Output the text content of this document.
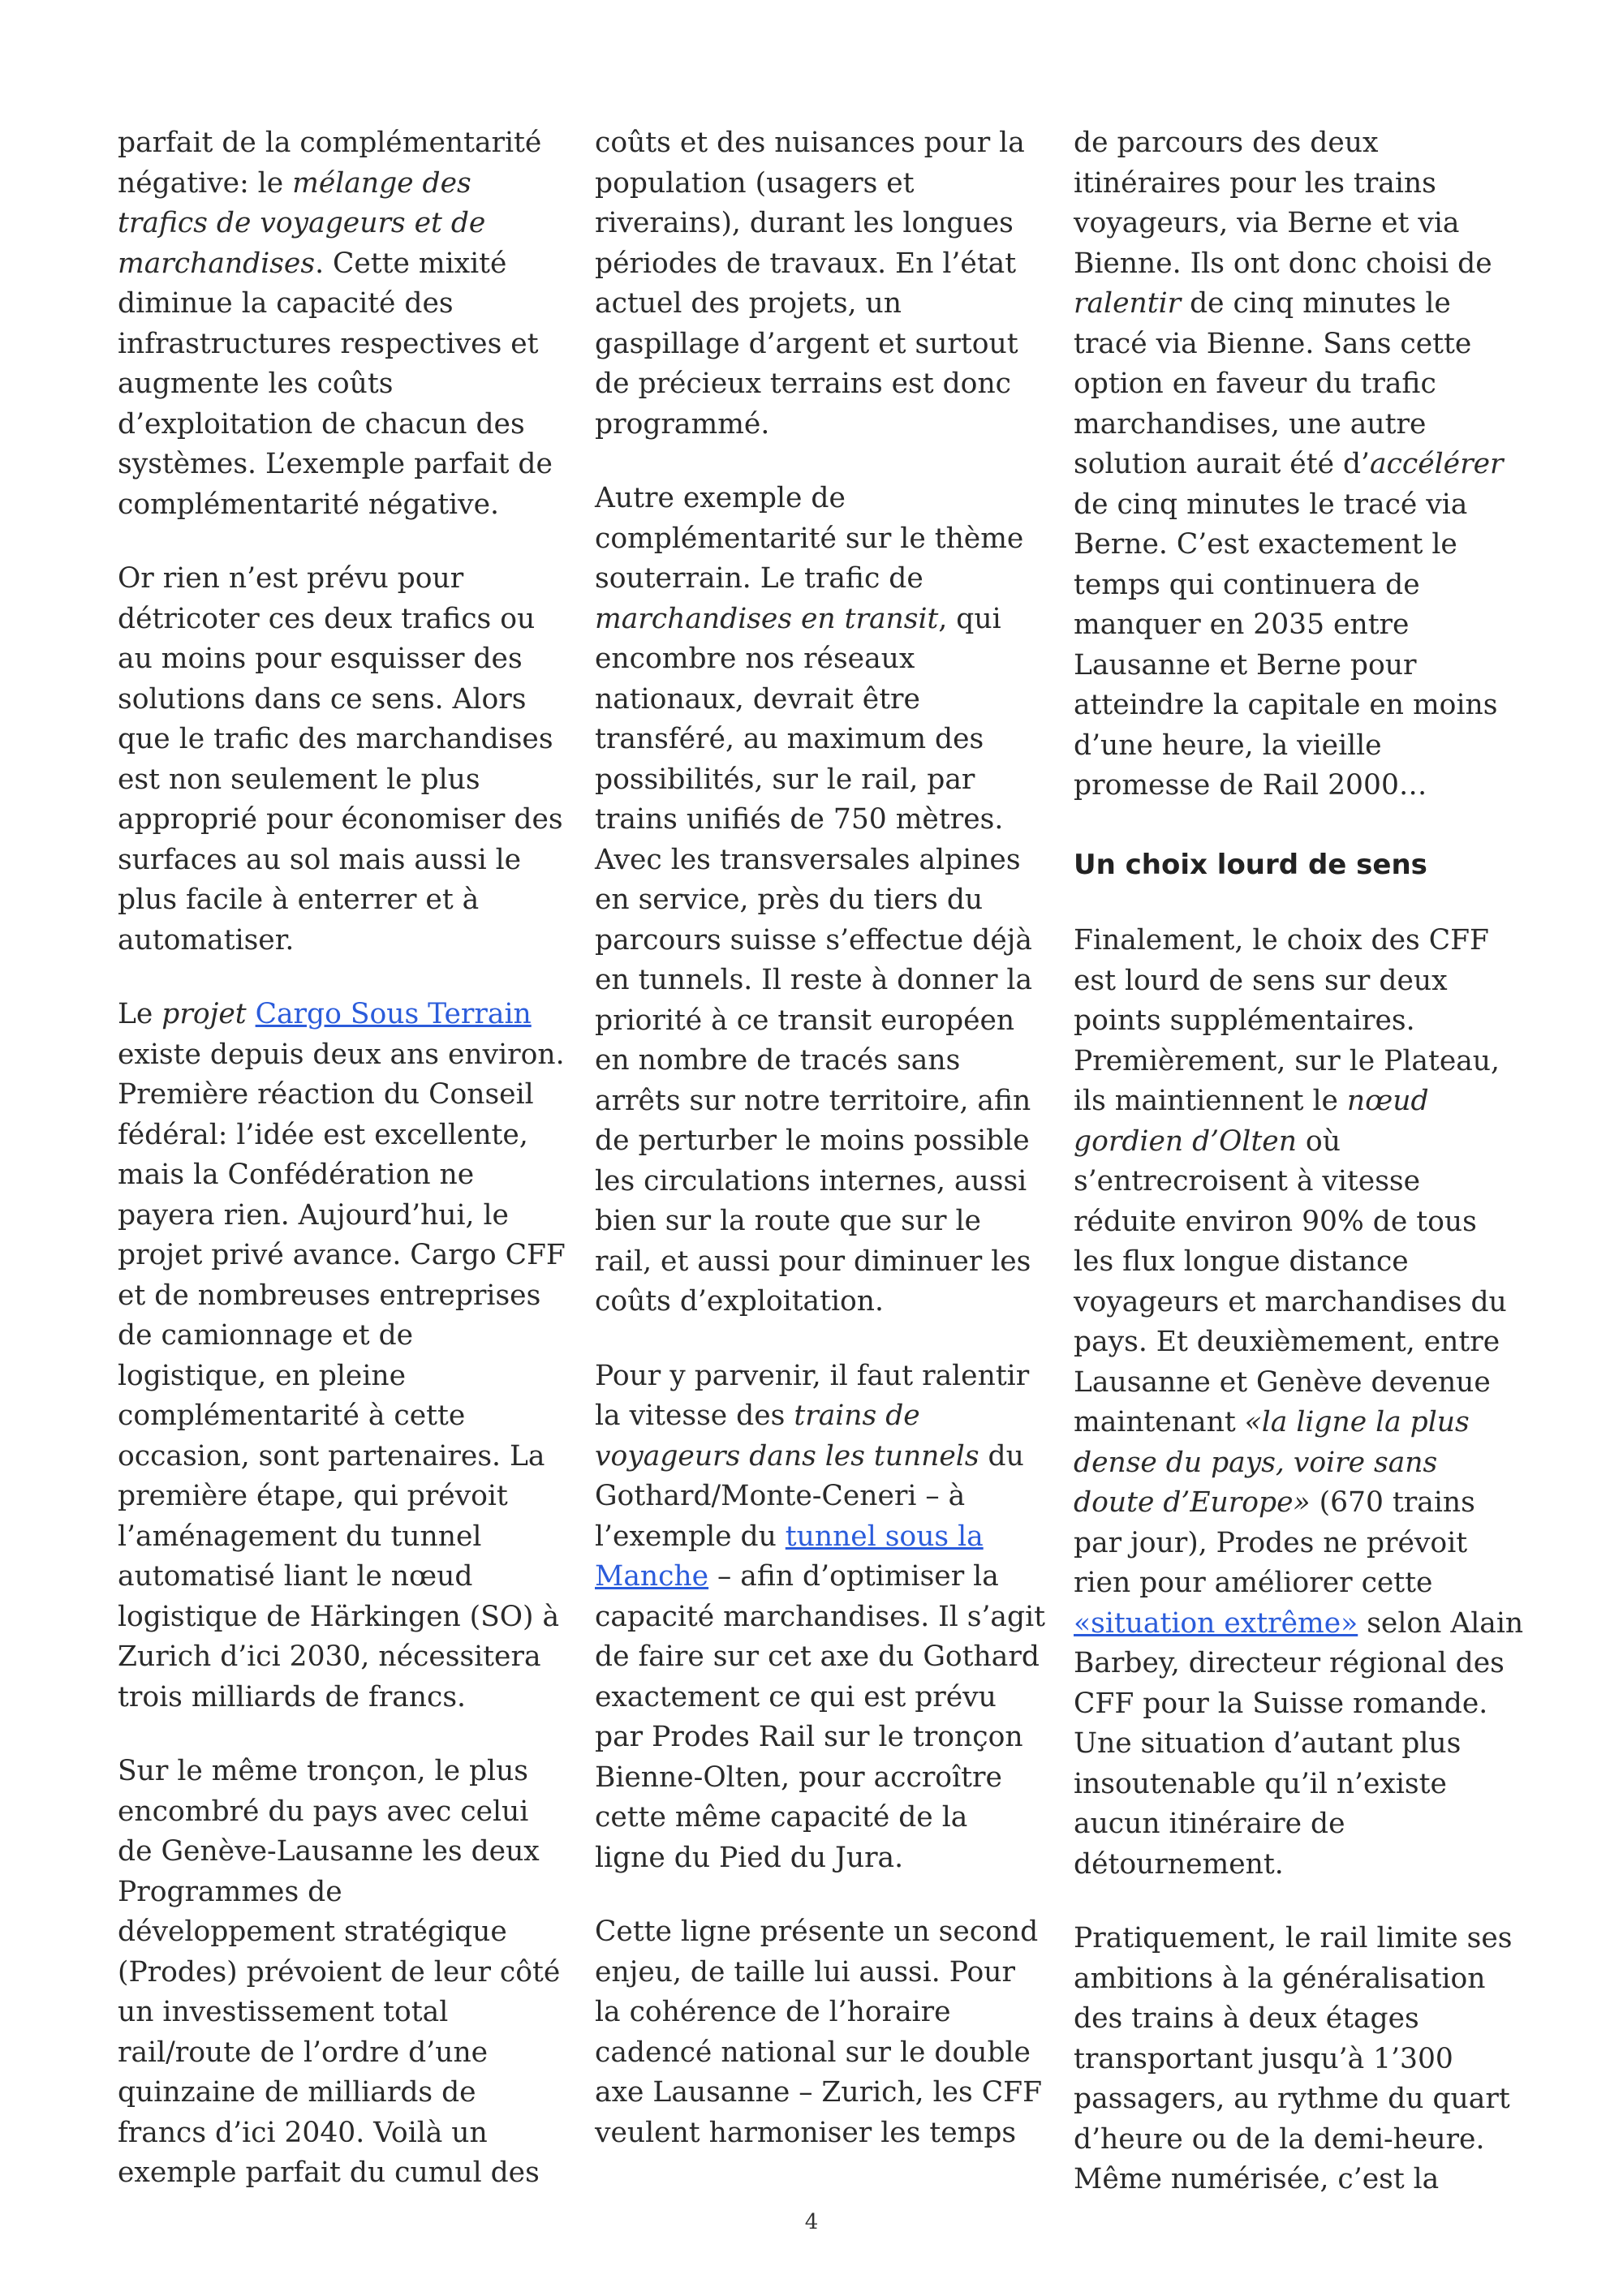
parfait de la complémentarité négative: le mélange des trafics de voyageurs et de marchandises. Cette mixité diminue la capacité des infrastructures respectives et augmente les coûts d’exploitation de chacun des systèmes. L’exemple parfait de complémentarité négative.

Or rien n’est prévu pour détricoter ces deux trafics ou au moins pour esquisser des solutions dans ce sens. Alors que le trafic des marchandises est non seulement le plus approprié pour économiser des surfaces au sol mais aussi le plus facile à enterrer et à automatiser.

Le projet Cargo Sous Terrain existe depuis deux ans environ. Première réaction du Conseil fédéral: l’idée est excellente, mais la Confédération ne payera rien. Aujourd’hui, le projet privé avance. Cargo CFF et de nombreuses entreprises de camionnage et de logistique, en pleine complémentarité à cette occasion, sont partenaires. La première étape, qui prévoit l’aménagement du tunnel automatisé liant le nœud logistique de Härkingen (SO) à Zurich d’ici 2030, nécessitera trois milliards de francs.

Sur le même tronçon, le plus encombré du pays avec celui de Genève-Lausanne les deux Programmes de développement stratégique (Prodes) prévoient de leur côté un investissement total rail/route de l’ordre d’une quinzaine de milliards de francs d’ici 2040. Voilà un exemple parfait du cumul des

coûts et des nuisances pour la population (usagers et riverains), durant les longues périodes de travaux. En l’état actuel des projets, un gaspillage d’argent et surtout de précieux terrains est donc programmé.

Autre exemple de complémentarité sur le thème souterrain. Le trafic de marchandises en transit, qui encombre nos réseaux nationaux, devrait être transféré, au maximum des possibilités, sur le rail, par trains unifiés de 750 mètres. Avec les transversales alpines en service, près du tiers du parcours suisse s’effectue déjà en tunnels. Il reste à donner la priorité à ce transit européen en nombre de tracés sans arrêts sur notre territoire, afin de perturber le moins possible les circulations internes, aussi bien sur la route que sur le rail, et aussi pour diminuer les coûts d’exploitation.

Pour y parvenir, il faut ralentir la vitesse des trains de voyageurs dans les tunnels du Gothard/Monte-Ceneri – à l’exemple du tunnel sous la Manche – afin d’optimiser la capacité marchandises. Il s’agit de faire sur cet axe du Gothard exactement ce qui est prévu par Prodes Rail sur le tronçon Bienne-Olten, pour accroître cette même capacité de la ligne du Pied du Jura.

Cette ligne présente un second enjeu, de taille lui aussi. Pour la cohérence de l’horaire cadencé national sur le double axe Lausanne – Zurich, les CFF veulent harmoniser les temps

de parcours des deux itinéraires pour les trains voyageurs, via Berne et via Bienne. Ils ont donc choisi de ralentir de cinq minutes le tracé via Bienne. Sans cette option en faveur du trafic marchandises, une autre solution aurait été d’accélérer de cinq minutes le tracé via Berne. C’est exactement le temps qui continuera de manquer en 2035 entre Lausanne et Berne pour atteindre la capitale en moins d’une heure, la vieille promesse de Rail 2000…

Un choix lourd de sens

Finalement, le choix des CFF est lourd de sens sur deux points supplémentaires. Premièrement, sur le Plateau, ils maintiennent le nœud gordien d’Olten où s’entrecroisent à vitesse réduite environ 90% de tous les flux longue distance voyageurs et marchandises du pays. Et deuxièmement, entre Lausanne et Genève devenue maintenant «la ligne la plus dense du pays, voire sans doute d’Europe» (670 trains par jour), Prodes ne prévoit rien pour améliorer cette «situation extrême» selon Alain Barbey, directeur régional des CFF pour la Suisse romande. Une situation d’autant plus insoutenable qu’il n’existe aucun itinéraire de détournement.

Pratiquement, le rail limite ses ambitions à la généralisation des trains à deux étages transportant jusqu’à 1’300 passagers, au rythme du quart d’heure ou de la demi-heure. Même numérisée, c’est la

4
